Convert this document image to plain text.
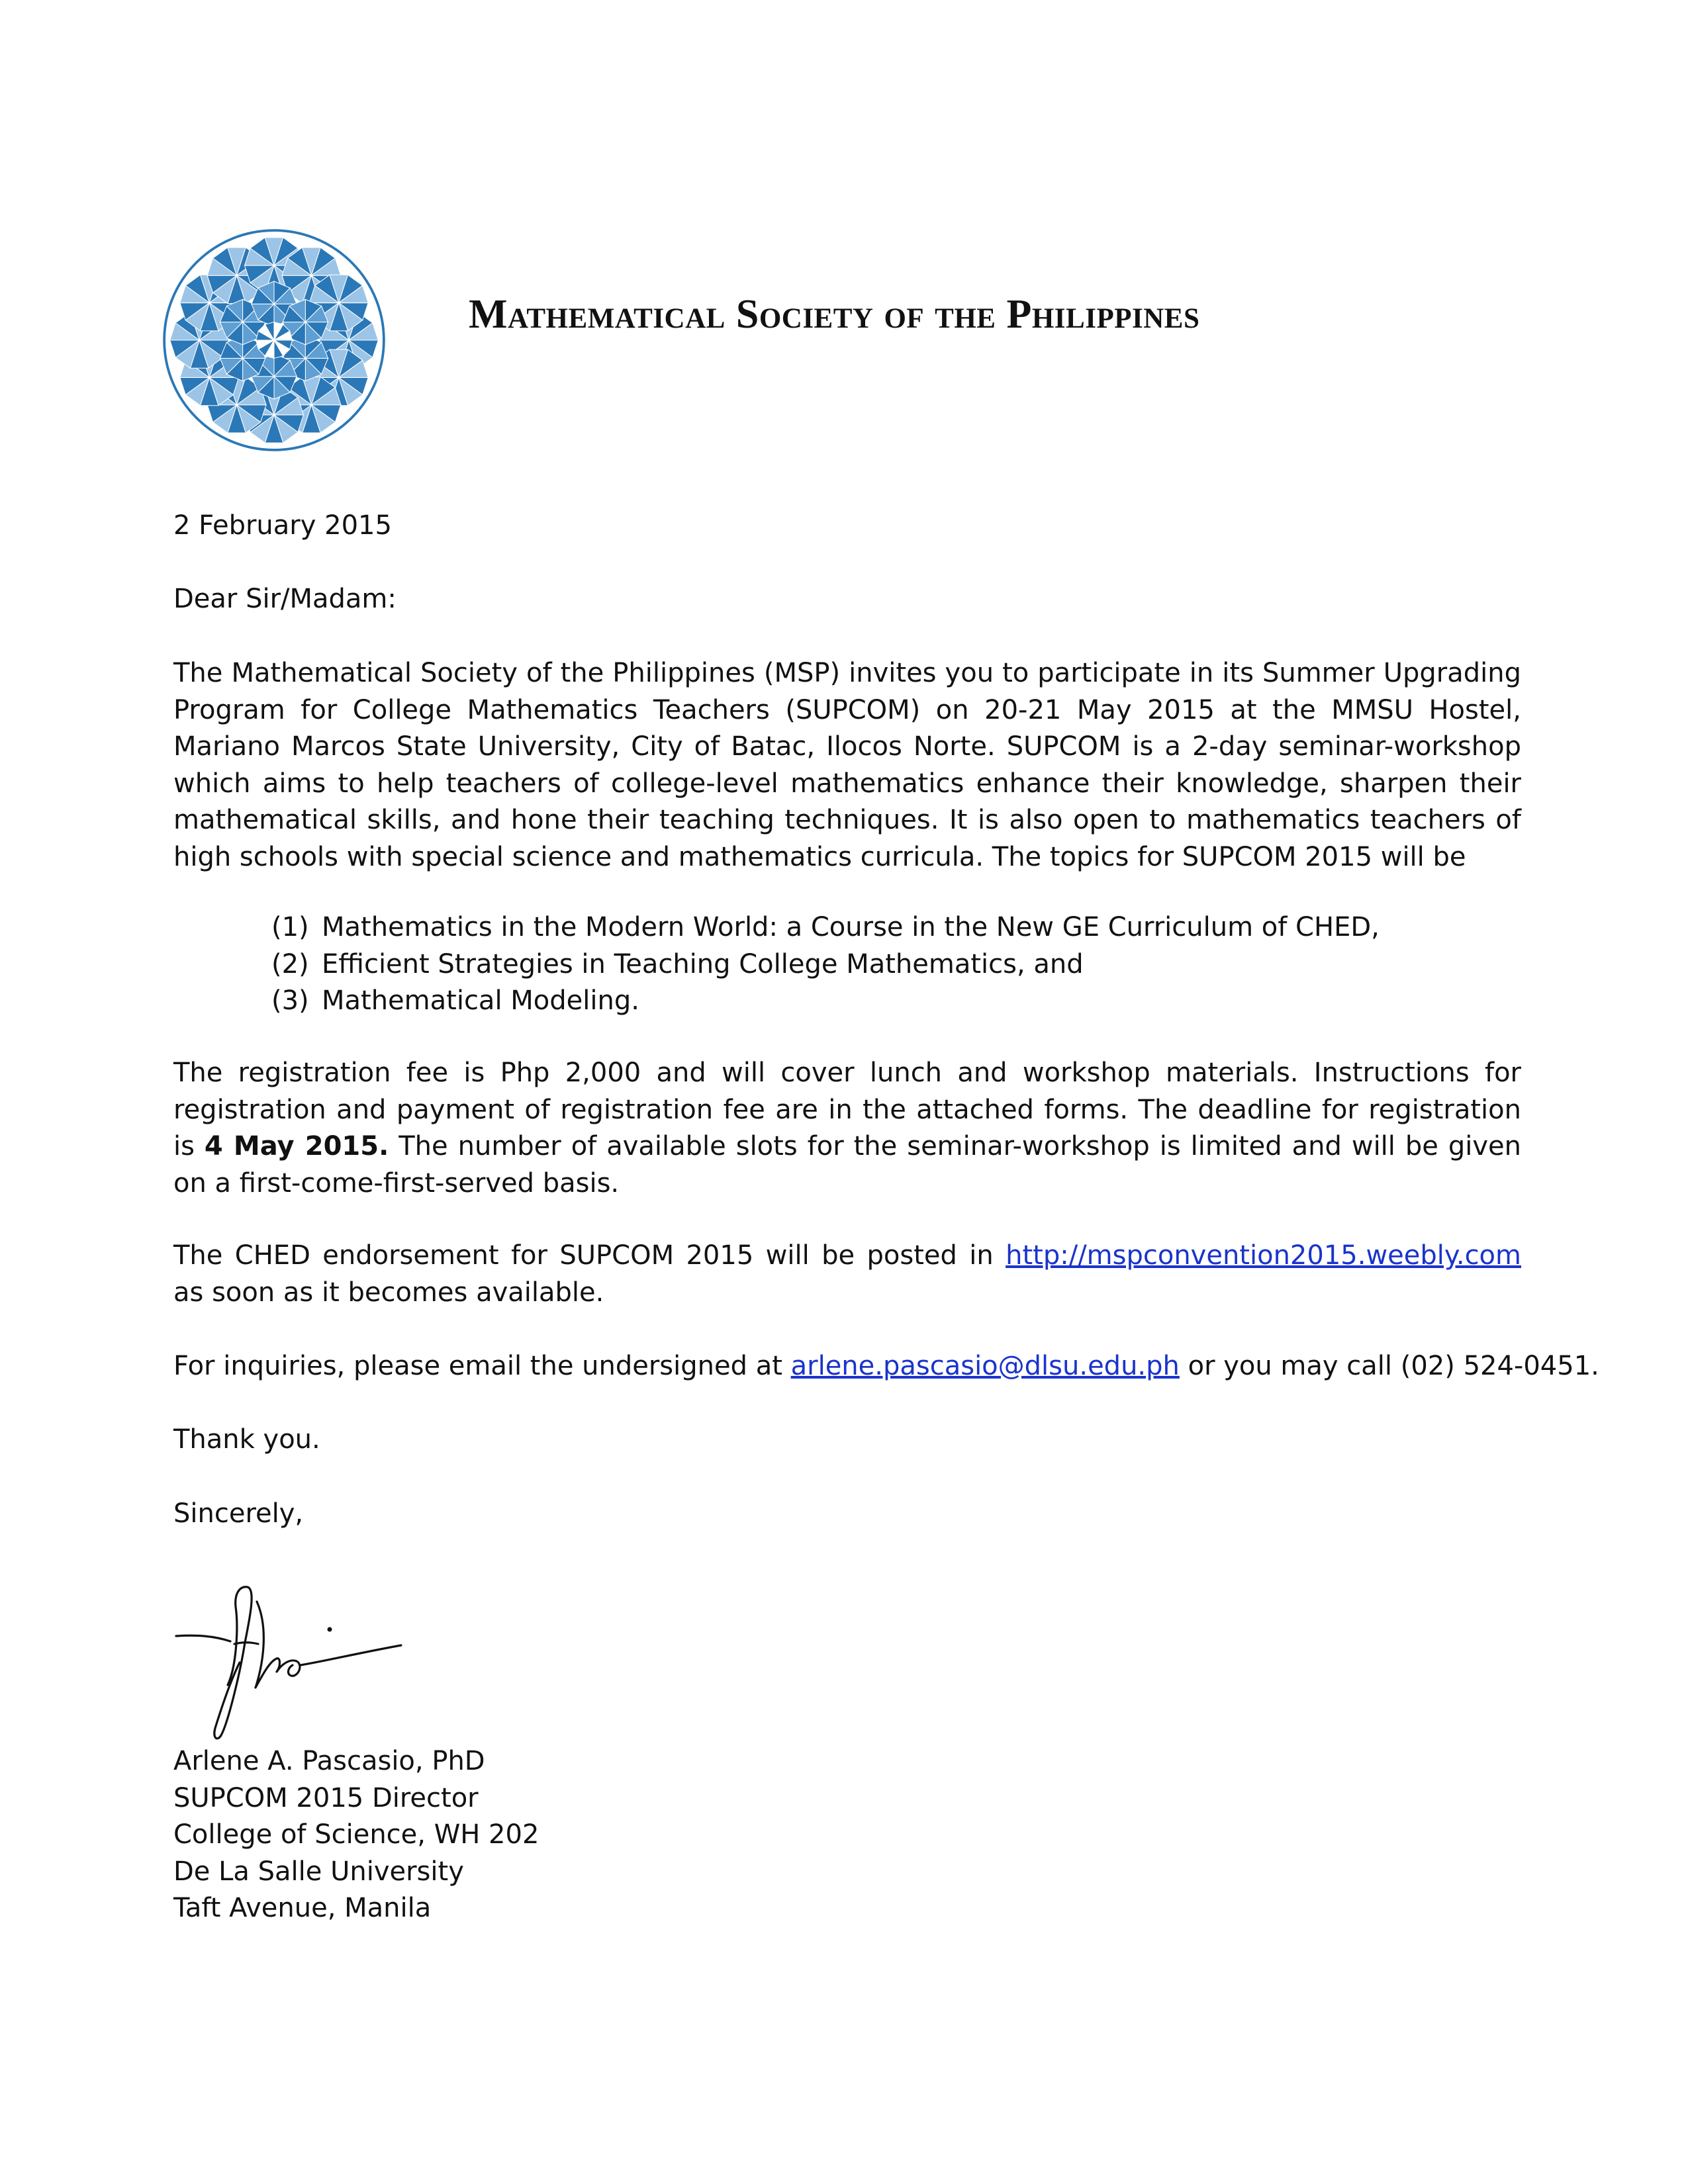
Mathematical Society of the Philippines
2 February 2015
Dear Sir/Madam:
The Mathematical Society of the Philippines (MSP) invites you to participate in its Summer Upgrading Program for College Mathematics Teachers (SUPCOM) on 20-21 May 2015 at the MMSU Hostel, Mariano Marcos State University, City of Batac, Ilocos Norte. SUPCOM is a 2-day seminar-workshop which aims to help teachers of college-level mathematics enhance their knowledge, sharpen their mathematical skills, and hone their teaching techniques. It is also open to mathematics teachers of high schools with special science and mathematics curricula. The topics for SUPCOM 2015 will be
(1) Mathematics in the Modern World: a Course in the New GE Curriculum of CHED,
(2) Efficient Strategies in Teaching College Mathematics, and
(3) Mathematical Modeling.
The registration fee is Php 2,000 and will cover lunch and workshop materials. Instructions for registration and payment of registration fee are in the attached forms. The deadline for registration is 4 May 2015. The number of available slots for the seminar-workshop is limited and will be given on a first-come-first-served basis.
The CHED endorsement for SUPCOM 2015 will be posted in http://mspconvention2015.weebly.com as soon as it becomes available.
For inquiries, please email the undersigned at arlene.pascasio@dlsu.edu.ph or you may call (02) 524-0451.
Thank you.
Sincerely,
Arlene A. Pascasio, PhD
SUPCOM 2015 Director
College of Science, WH 202
De La Salle University
Taft Avenue, Manila
